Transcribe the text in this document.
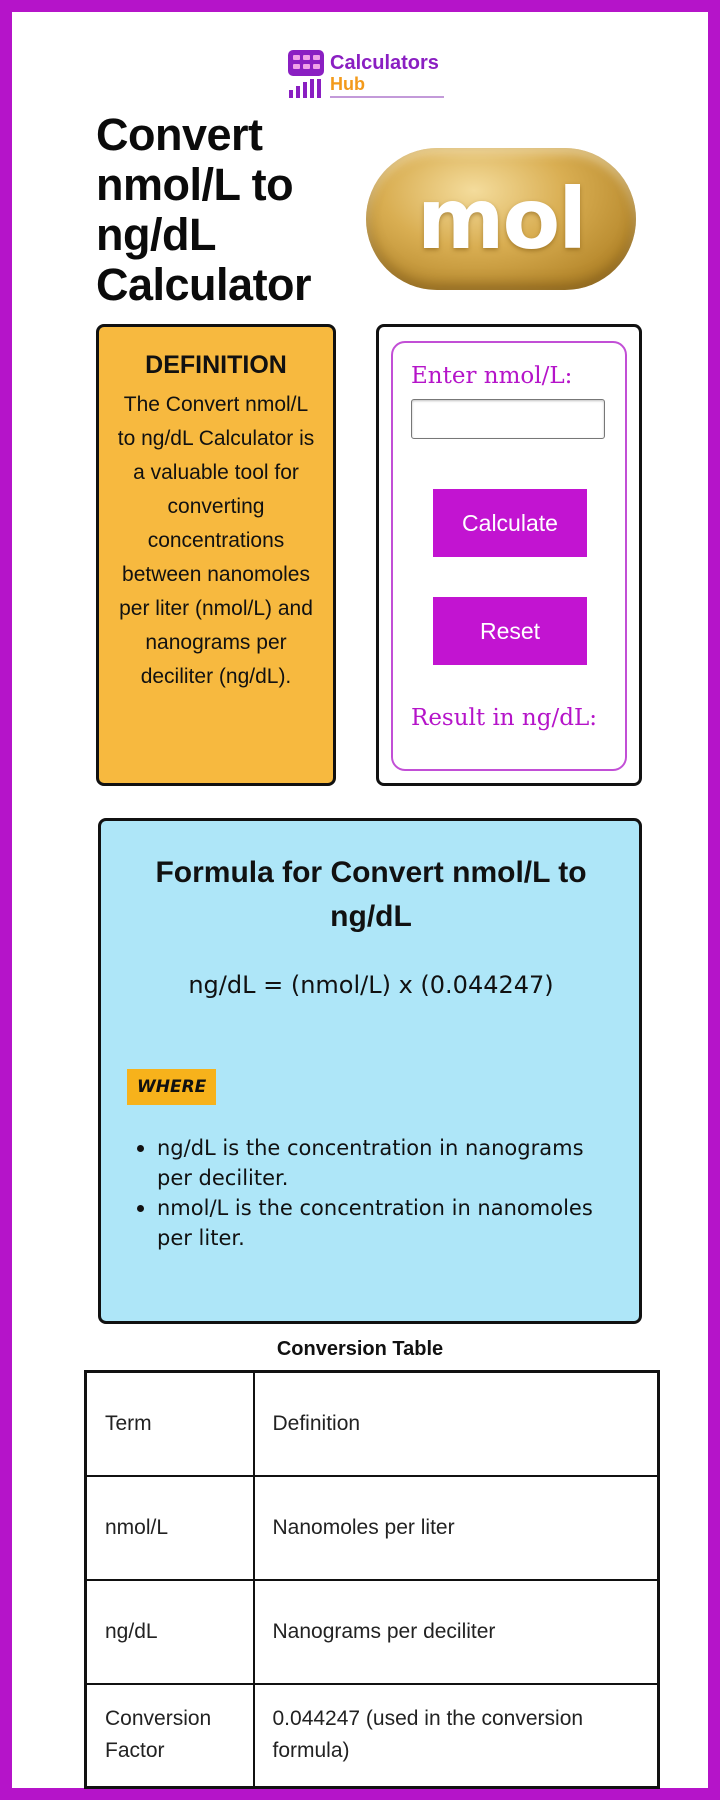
Calculators
Hub
Convert nmol/L to ng/dL Calculator
mol
DEFINITION

The Convert nmol/L to ng/dL Calculator is a valuable tool for converting concentrations between nanomoles per liter (nmol/L) and nanograms per deciliter (ng/dL).

Enter nmol/L:
Calculate
Reset
Result in ng/dL:
Formula for Convert nmol/L to ng/dL
ng/dL = (nmol/L) x (0.044247)
WHERE
ng/dL is the concentration in nanograms per deciliter.
nmol/L is the concentration in nanomoles per liter.
Conversion Table
Term	Definition
nmol/L	Nanomoles per liter
ng/dL	Nanograms per deciliter
Conversion Factor	0.044247 (used in the conversion formula)
